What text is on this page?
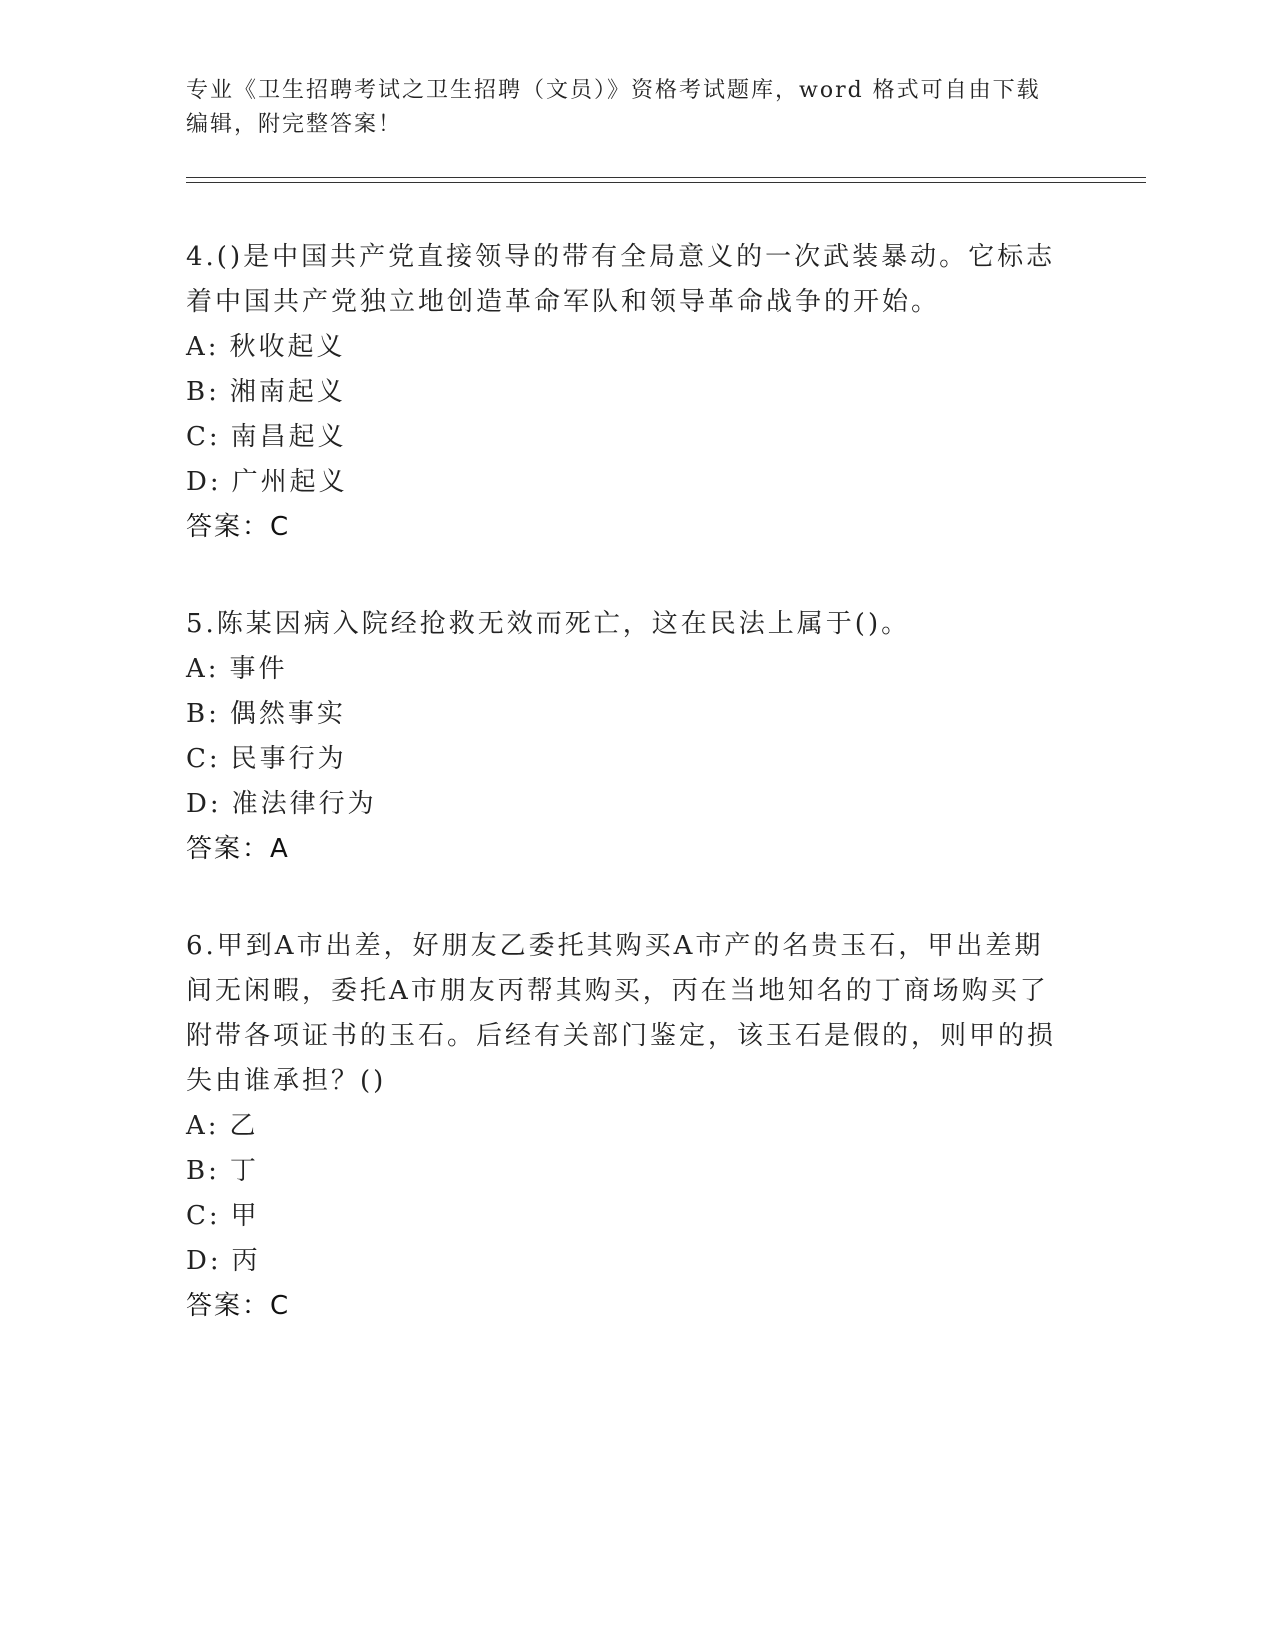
专业《卫生招聘考试之卫生招聘（文员）》资格考试题库，word 格式可自由下载
编辑，附完整答案！

4.()是中国共产党直接领导的带有全局意义的一次武装暴动。它标志着中国共产党独立地创造革命军队和领导革命战争的开始。

A: 秋收起义

B: 湘南起义

C: 南昌起义

D: 广州起义

答案：C

5.陈某因病入院经抢救无效而死亡，这在民法上属于()。

A: 事件

B: 偶然事实

C: 民事行为

D: 准法律行为

答案：A

6.甲到A市出差，好朋友乙委托其购买A市产的名贵玉石，甲出差期间无闲暇，委托A市朋友丙帮其购买，丙在当地知名的丁商场购买了附带各项证书的玉石。后经有关部门鉴定，该玉石是假的，则甲的损失由谁承担？()

A: 乙

B: 丁

C: 甲

D: 丙

答案：C
